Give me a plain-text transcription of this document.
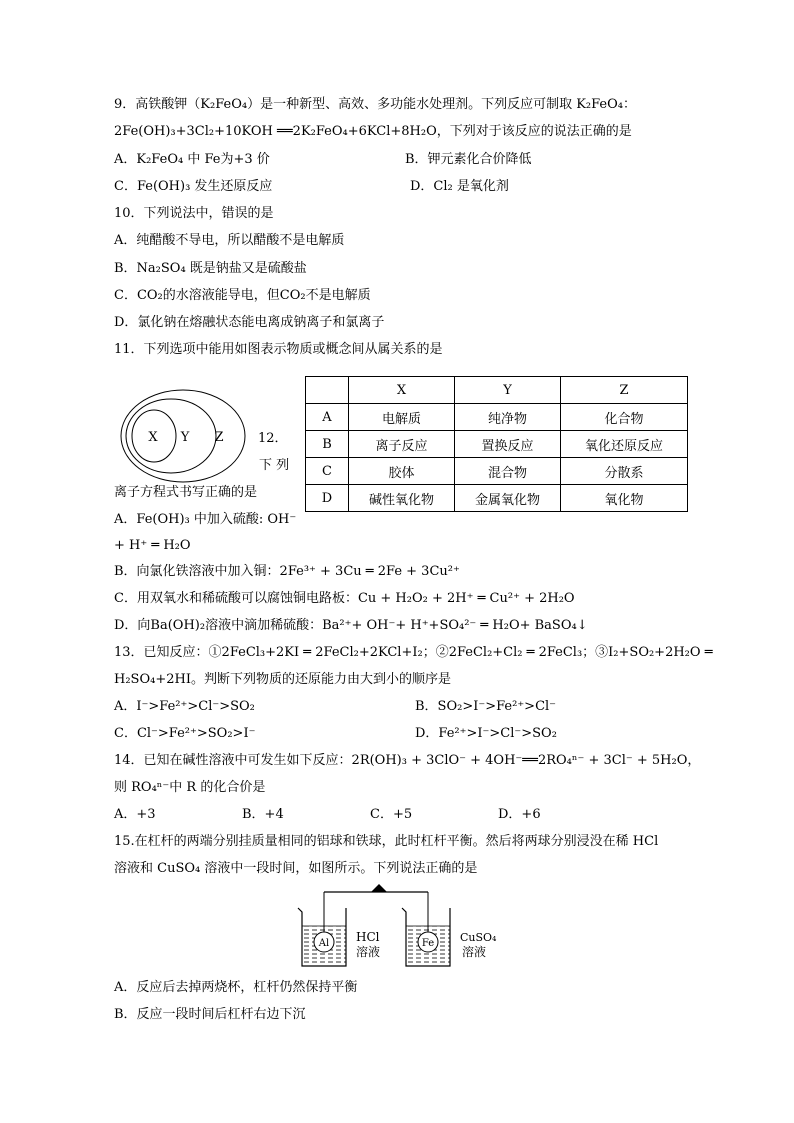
9．高铁酸钾（K₂FeO₄）是一种新型、高效、多功能水处理剂。下列反应可制取 K₂FeO₄：
2Fe(OH)₃+3Cl₂+10KOH ══2K₂FeO₄+6KCl+8H₂O，下列对于该反应的说法正确的是
A．K₂FeO₄ 中 Fe为+3 价	B．钾元素化合价降低
C．Fe(OH)₃ 发生还原反应	D．Cl₂ 是氧化剂
10．下列说法中，错误的是
A．纯醋酸不导电，所以醋酸不是电解质
B．Na₂SO₄ 既是钠盐又是硫酸盐
C．CO₂的水溶液能导电，但CO₂不是电解质
D．氯化钠在熔融状态能电离成钠离子和氯离子
11．下列选项中能用如图表示物质或概念间从属关系的是
X Y Z
	X	Y	Z
A	电解质	纯净物	化合物
B	离子反应	置换反应	氧化还原反应
C	胶体	混合物	分散系
D	碱性氧化物	金属氧化物	氧化物
12．
下 列
离子方程式书写正确的是
A．Fe(OH)₃ 中加入硫酸: OH⁻
+ H⁺ ═ H₂O
B．向氯化铁溶液中加入铜：2Fe³⁺ + 3Cu ═ 2Fe + 3Cu²⁺
C．用双氧水和稀硫酸可以腐蚀铜电路板：Cu + H₂O₂ + 2H⁺ ═ Cu²⁺ + 2H₂O
D．向Ba(OH)₂溶液中滴加稀硫酸：Ba²⁺+ OH⁻+ H⁺+SO₄²⁻ ═ H₂O+ BaSO₄↓
13．已知反应：①2FeCl₃+2KI ═ 2FeCl₂+2KCl+I₂；②2FeCl₂+Cl₂ ═ 2FeCl₃；③I₂+SO₂+2H₂O ═
H₂SO₄+2HI。判断下列物质的还原能力由大到小的顺序是
A．I⁻>Fe²⁺>Cl⁻>SO₂	B．SO₂>I⁻>Fe²⁺>Cl⁻
C．Cl⁻>Fe²⁺>SO₂>I⁻	D．Fe²⁺>I⁻>Cl⁻>SO₂
14．已知在碱性溶液中可发生如下反应：2R(OH)₃ + 3ClO⁻ + 4OH⁻══2RO₄ⁿ⁻ + 3Cl⁻ + 5H₂O，
则 RO₄ⁿ⁻中 R 的化合价是
A．+3	B．+4	C．+5	D．+6
15.在杠杆的两端分别挂质量相同的铝球和铁球，此时杠杆平衡。然后将两球分别浸没在稀 HCl
溶液和 CuSO₄ 溶液中一段时间，如图所示。下列说法正确的是
Al HCl
溶液
Fe CuSO₄
溶液
A．反应后去掉两烧杯，杠杆仍然保持平衡
B．反应一段时间后杠杆右边下沉
